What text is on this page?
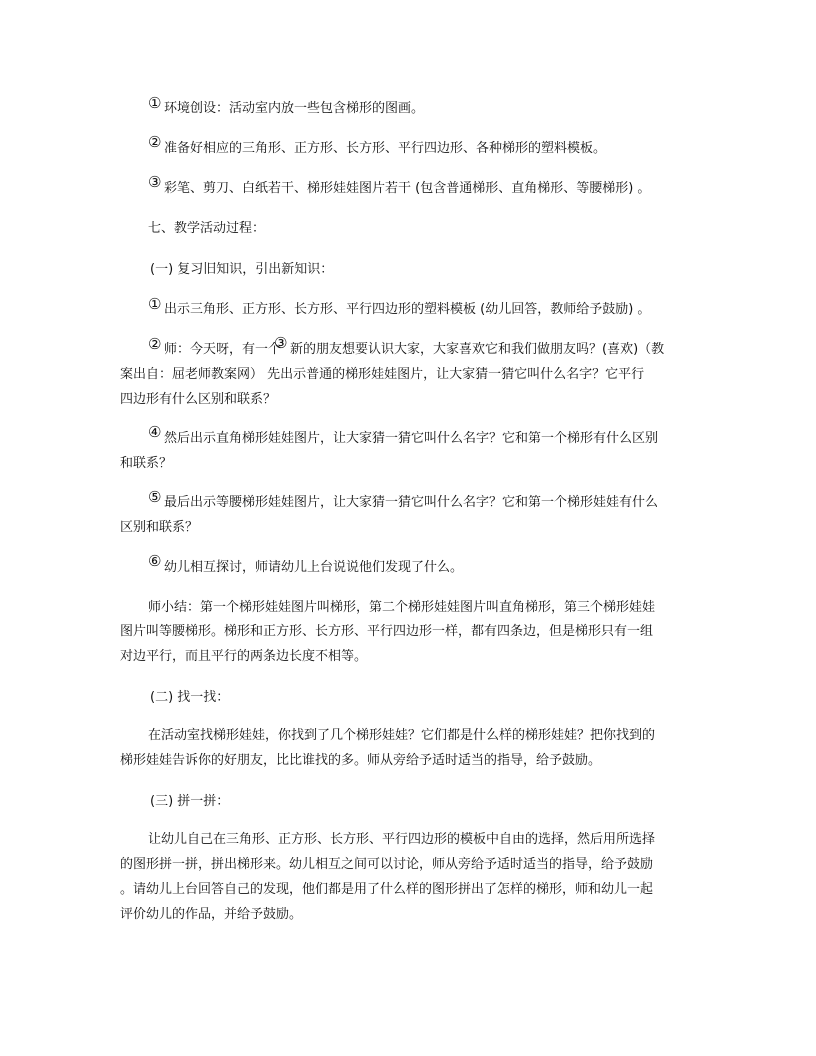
① 环境创设：活动室内放一些包含梯形的图画。
② 准备好相应的三角形、正方形、长方形、平行四边形、各种梯形的塑料模板。
③ 彩笔、剪刀、白纸若干、梯形娃娃图片若干 (包含普通梯形、直角梯形、等腰梯形) 。
七、教学活动过程：
(一) 复习旧知识，引出新知识：
① 出示三角形、正方形、长方形、平行四边形的塑料模板 (幼儿回答，教师给予鼓励) 。
② 师：今天呀，有一个
③ 新的朋友想要认识大家，大家喜欢它和我们做朋友吗？(喜欢)（教
案出自：屈老师教案网） 先出示普通的梯形娃娃图片，让大家猜一猜它叫什么名字？它平行
四边形有什么区别和联系？
④ 然后出示直角梯形娃娃图片，让大家猜一猜它叫什么名字？它和第一个梯形有什么区别
和联系？
⑤ 最后出示等腰梯形娃娃图片，让大家猜一猜它叫什么名字？它和第一个梯形娃娃有什么
区别和联系？
⑥ 幼儿相互探讨，师请幼儿上台说说他们发现了什么。
师小结：第一个梯形娃娃图片叫梯形，第二个梯形娃娃图片叫直角梯形，第三个梯形娃娃
图片叫等腰梯形。梯形和正方形、长方形、平行四边形一样，都有四条边，但是梯形只有一组
对边平行，而且平行的两条边长度不相等。
(二) 找一找：
在活动室找梯形娃娃，你找到了几个梯形娃娃？它们都是什么样的梯形娃娃？把你找到的
梯形娃娃告诉你的好朋友，比比谁找的多。师从旁给予适时适当的指导，给予鼓励。
(三) 拼一拼：
让幼儿自己在三角形、正方形、长方形、平行四边形的模板中自由的选择，然后用所选择
的图形拼一拼，拼出梯形来。幼儿相互之间可以讨论，师从旁给予适时适当的指导，给予鼓励
。请幼儿上台回答自己的发现，他们都是用了什么样的图形拼出了怎样的梯形，师和幼儿一起
评价幼儿的作品，并给予鼓励。
